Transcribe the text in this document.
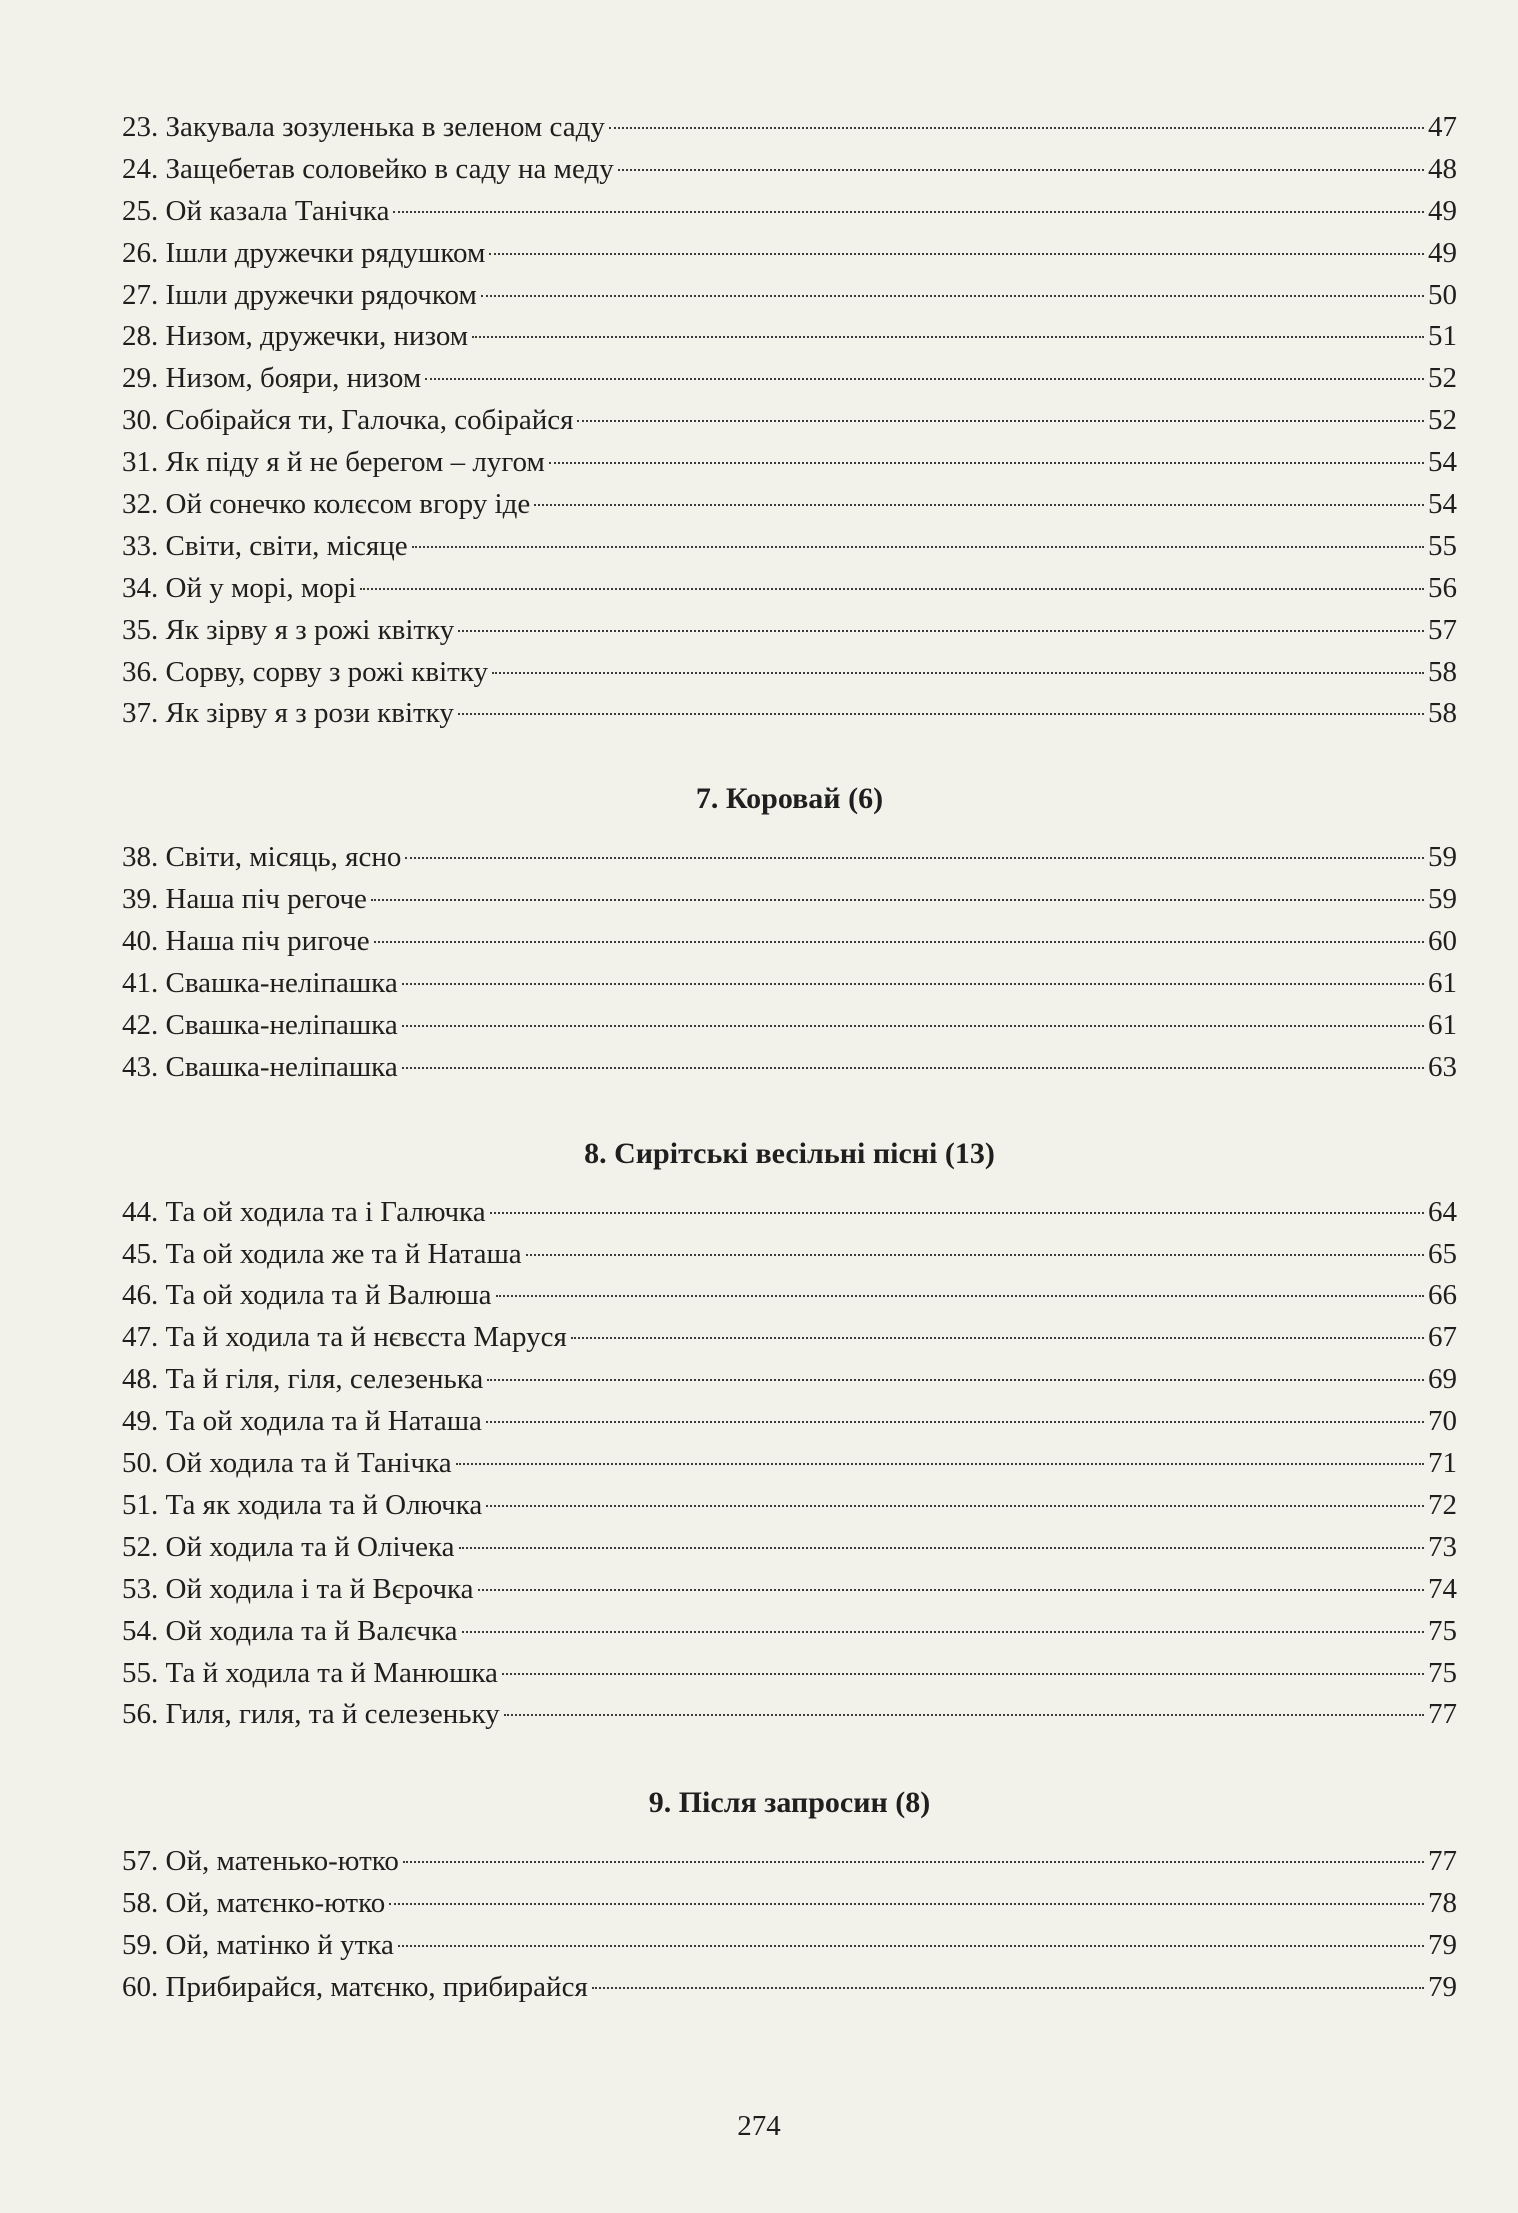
23. Закувала зозуленька в зеленом саду	47
24. Защебетав соловейко в саду на меду	48
25. Ой казала Танічка	49
26. Ішли дружечки рядушком	49
27. Ішли дружечки рядочком	50
28. Низом, дружечки, низом	51
29. Низом, бояри, низом	52
30. Собірайся ти, Галочка, собірайся	52
31. Як піду я й не берегом – лугом	54
32. Ой сонечко колєсом вгору іде	54
33. Світи, світи, місяце	55
34. Ой у морі, морі	56
35. Як зірву я з рожі квітку	57
36. Сорву, сорву з рожі квітку	58
37. Як зірву я з рози квітку	58
7. Коровай (6)
38. Світи, місяць, ясно	59
39. Наша піч регоче	59
40. Наша піч ригоче	60
41. Свашка-неліпашка	61
42. Свашка-неліпашка	61
43. Свашка-неліпашка	63
8. Сирітські весільні пісні (13)
44. Та ой ходила та і Галючка	64
45. Та ой ходила же та й Наташа	65
46. Та ой ходила та й Валюша	66
47. Та й ходила та й нєвєста Маруся	67
48. Та й гіля, гіля, селезенька	69
49. Та ой ходила та й Наташа	70
50. Ой ходила та й Танічка	71
51. Та як ходила та й Олючка	72
52. Ой ходила та й Олічека	73
53. Ой ходила і та й Вєрочка	74
54. Ой ходила та й Валєчка	75
55. Та й ходила та й Манюшка	75
56. Гиля, гиля, та й селезеньку	77
9. Після запросин (8)
57. Ой, матенько-ютко	77
58. Ой, матєнко-ютко	78
59. Ой, матінко й утка	79
60. Прибирайся, матєнко, прибирайся	79
274
